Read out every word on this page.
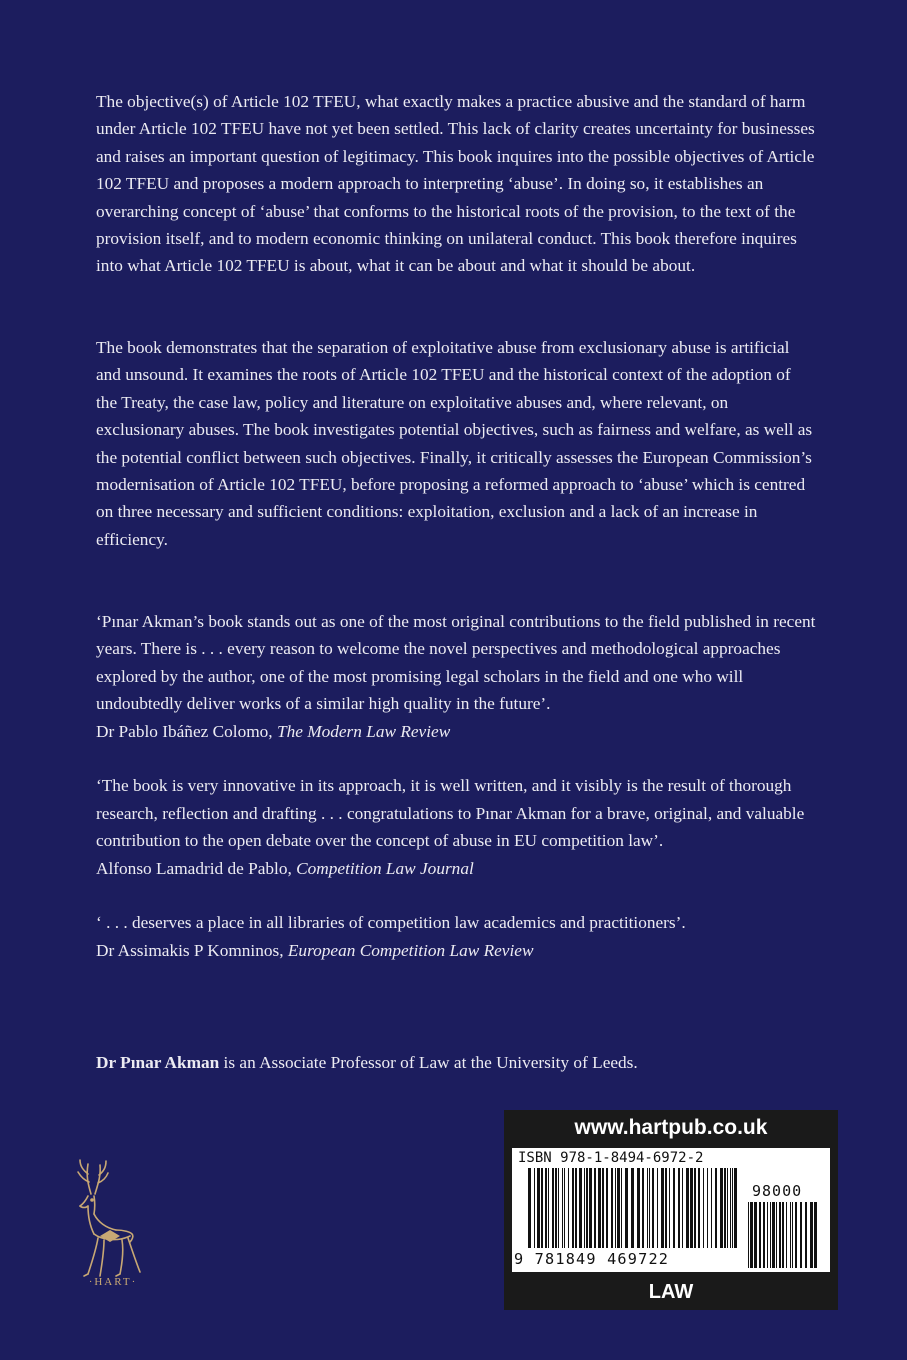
The objective(s) of Article 102 TFEU, what exactly makes a practice abusive and the standard of harm under Article 102 TFEU have not yet been settled. This lack of clarity creates uncertainty for businesses and raises an important question of legitimacy. This book inquires into the possible objectives of Article 102 TFEU and proposes a modern approach to interpreting ‘abuse’. In doing so, it establishes an overarching concept of ‘abuse’ that conforms to the historical roots of the provision, to the text of the provision itself, and to modern economic thinking on unilateral conduct. This book therefore inquires into what Article 102 TFEU is about, what it can be about and what it should be about.

The book demonstrates that the separation of exploitative abuse from exclusionary abuse is artificial and unsound. It examines the roots of Article 102 TFEU and the historical context of the adoption of the Treaty, the case law, policy and literature on exploitative abuses and, where relevant, on exclusionary abuses. The book investigates potential objectives, such as fairness and welfare, as well as the potential conflict between such objectives. Finally, it critically assesses the European Commission’s modernisation of Article 102 TFEU, before proposing a reformed approach to ‘abuse’ which is centred on three necessary and sufficient conditions: exploitation, exclusion and a lack of an increase in efficiency.

‘Pınar Akman’s book stands out as one of the most original contributions to the field published in recent years. There is . . . every reason to welcome the novel perspectives and methodological approaches explored by the author, one of the most promising legal scholars in the field and one who will undoubtedly deliver works of a similar high quality in the future’.
Dr Pablo Ibáñez Colomo, The Modern Law Review

‘The book is very innovative in its approach, it is well written, and it visibly is the result of thorough research, reflection and drafting . . . congratulations to Pınar Akman for a brave, original, and valuable contribution to the open debate over the concept of abuse in EU competition law’.
Alfonso Lamadrid de Pablo, Competition Law Journal

‘ . . . deserves a place in all libraries of competition law academics and practitioners’.
Dr Assimakis P Komninos, European Competition Law Review

Dr Pınar Akman is an Associate Professor of Law at the University of Leeds.

·HART·
www.hartpub.co.uk
ISBN 978-1-8494-6972-2
98000
9 781849 469722
LAW
